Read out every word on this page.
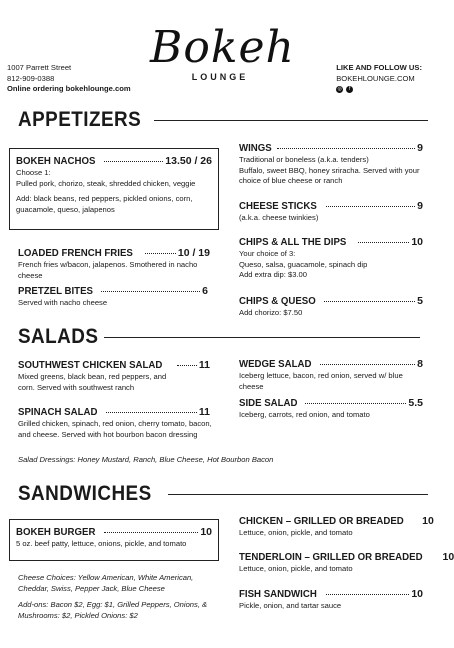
1007 Parrett Street
812-909-0388
Online ordering bokehlounge.com
Bokeh
LOUNGE
LIKE AND FOLLOW US:
BOKEHLOUNGE.COM
◎	f
APPETIZERS
BOKEH NACHOS	13.50 / 26

Choose 1:

Pulled pork, chorizo, steak, shredded chicken, veggie

Add: black beans, red peppers, pickled onions, corn, guacamole, queso, jalapenos

LOADED FRENCH FRIES	10 / 19
French fries w/bacon, jalapenos. Smothered in nacho cheese
PRETZEL BITES	6
Served with nacho cheese
WINGS	9

Traditional or boneless (a.k.a. tenders)

Buffalo, sweet BBQ, honey sriracha. Served with your choice of blue cheese or ranch

CHEESE STICKS	9
(a.k.a. cheese twinkies)
CHIPS & ALL THE DIPS	10

Your choice of 3:

Queso, salsa, guacamole, spinach dip

Add extra dip: $3.00

CHIPS & QUESO	5
Add chorizo: $7.50
SALADS
SOUTHWEST CHICKEN SALAD	11
Mixed greens, black bean, red peppers, and corn. Served with southwest ranch
SPINACH SALAD	11
Grilled chicken, spinach, red onion, cherry tomato, bacon, and cheese. Served with hot bourbon bacon dressing
WEDGE SALAD	8
Iceberg lettuce, bacon, red onion, served w/ blue cheese
SIDE SALAD	5.5
Iceberg, carrots, red onion, and tomato
Salad Dressings: Honey Mustard, Ranch, Blue Cheese, Hot Bourbon Bacon
SANDWICHES
BOKEH BURGER	10
5 oz. beef patty, lettuce, onions, pickle, and tomato
Cheese Choices: Yellow American, White American, Cheddar, Swiss, Pepper Jack, Blue Cheese
Add-ons: Bacon $2, Egg: $1, Grilled Peppers, Onions, & Mushrooms: $2, Pickled Onions: $2
CHICKEN – GRILLED OR BREADED 10
Lettuce, onion, pickle, and tomato
TENDERLOIN – GRILLED OR BREADED 10
Lettuce, onion, pickle, and tomato
FISH SANDWICH	10
Pickle, onion, and tartar sauce
